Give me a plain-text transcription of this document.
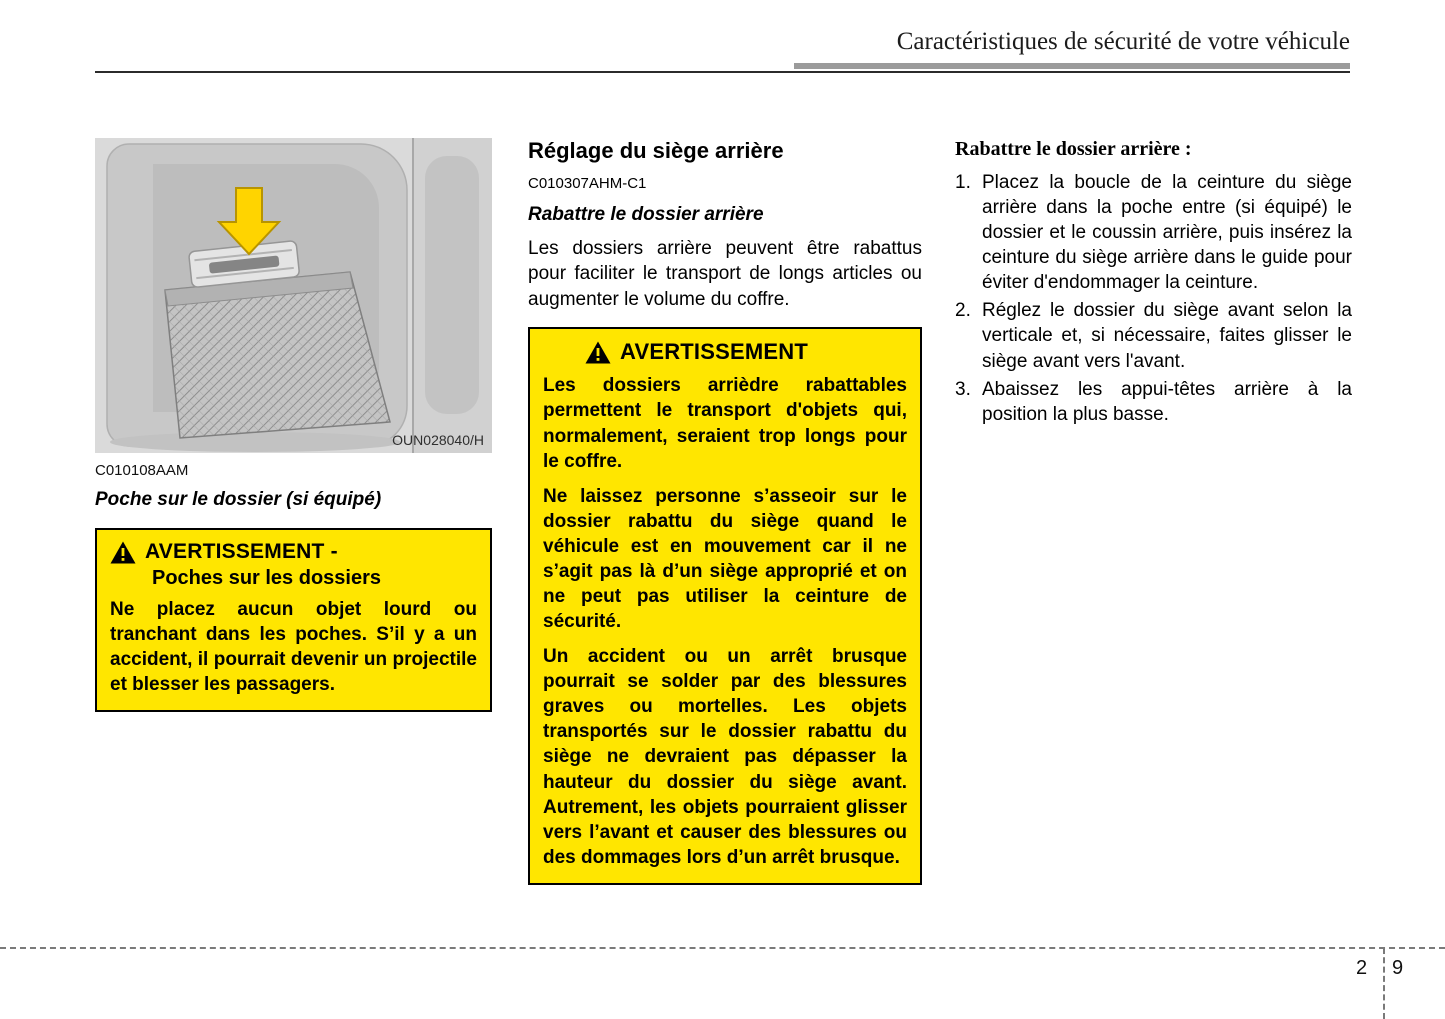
Caractéristiques de sécurité de votre véhicule
OUN028040/H
C010108AAM
Poche sur le dossier (si équipé)
AVERTISSEMENT -
Poches sur les dossiers
Ne placez aucun objet lourd ou tranchant dans les poches. S’il y a un accident, il pourrait devenir un projectile et blesser les passagers.
Réglage du siège arrière
C010307AHM-C1
Rabattre le dossier arrière
Les dossiers arrière peuvent être rabattus pour faciliter le transport de longs articles ou augmenter le volume du coffre.
AVERTISSEMENT

Les dossiers arrièdre rabattables permettent le transport d'objets qui, normalement, seraient trop longs pour le coffre.

Ne laissez personne s’asseoir sur le dossier rabattu du siège quand le véhicule est en mouvement car il ne s’agit pas là d’un siège approprié et on ne peut pas utiliser la ceinture de sécurité.

Un accident ou un arrêt brusque pourrait se solder par des blessures graves ou mortelles. Les objets transportés sur le dossier rabattu du siège ne devraient pas dépasser la hauteur du dossier du siège avant. Autrement, les objets pourraient glisser vers l’avant et causer des blessures ou des dommages lors d’un arrêt brusque.

Rabattre le dossier arrière :
Placez la boucle de la ceinture du siège arrière dans la poche entre (si équipé) le dossier et le coussin arrière, puis insérez la ceinture du siège arrière dans le guide pour éviter d'endommager la ceinture.
Réglez le dossier du siège avant selon la verticale et, si nécessaire, faites glisser le siège avant vers l'avant.
Abaissez les appui-têtes arrière à la position la plus basse.
2 9
